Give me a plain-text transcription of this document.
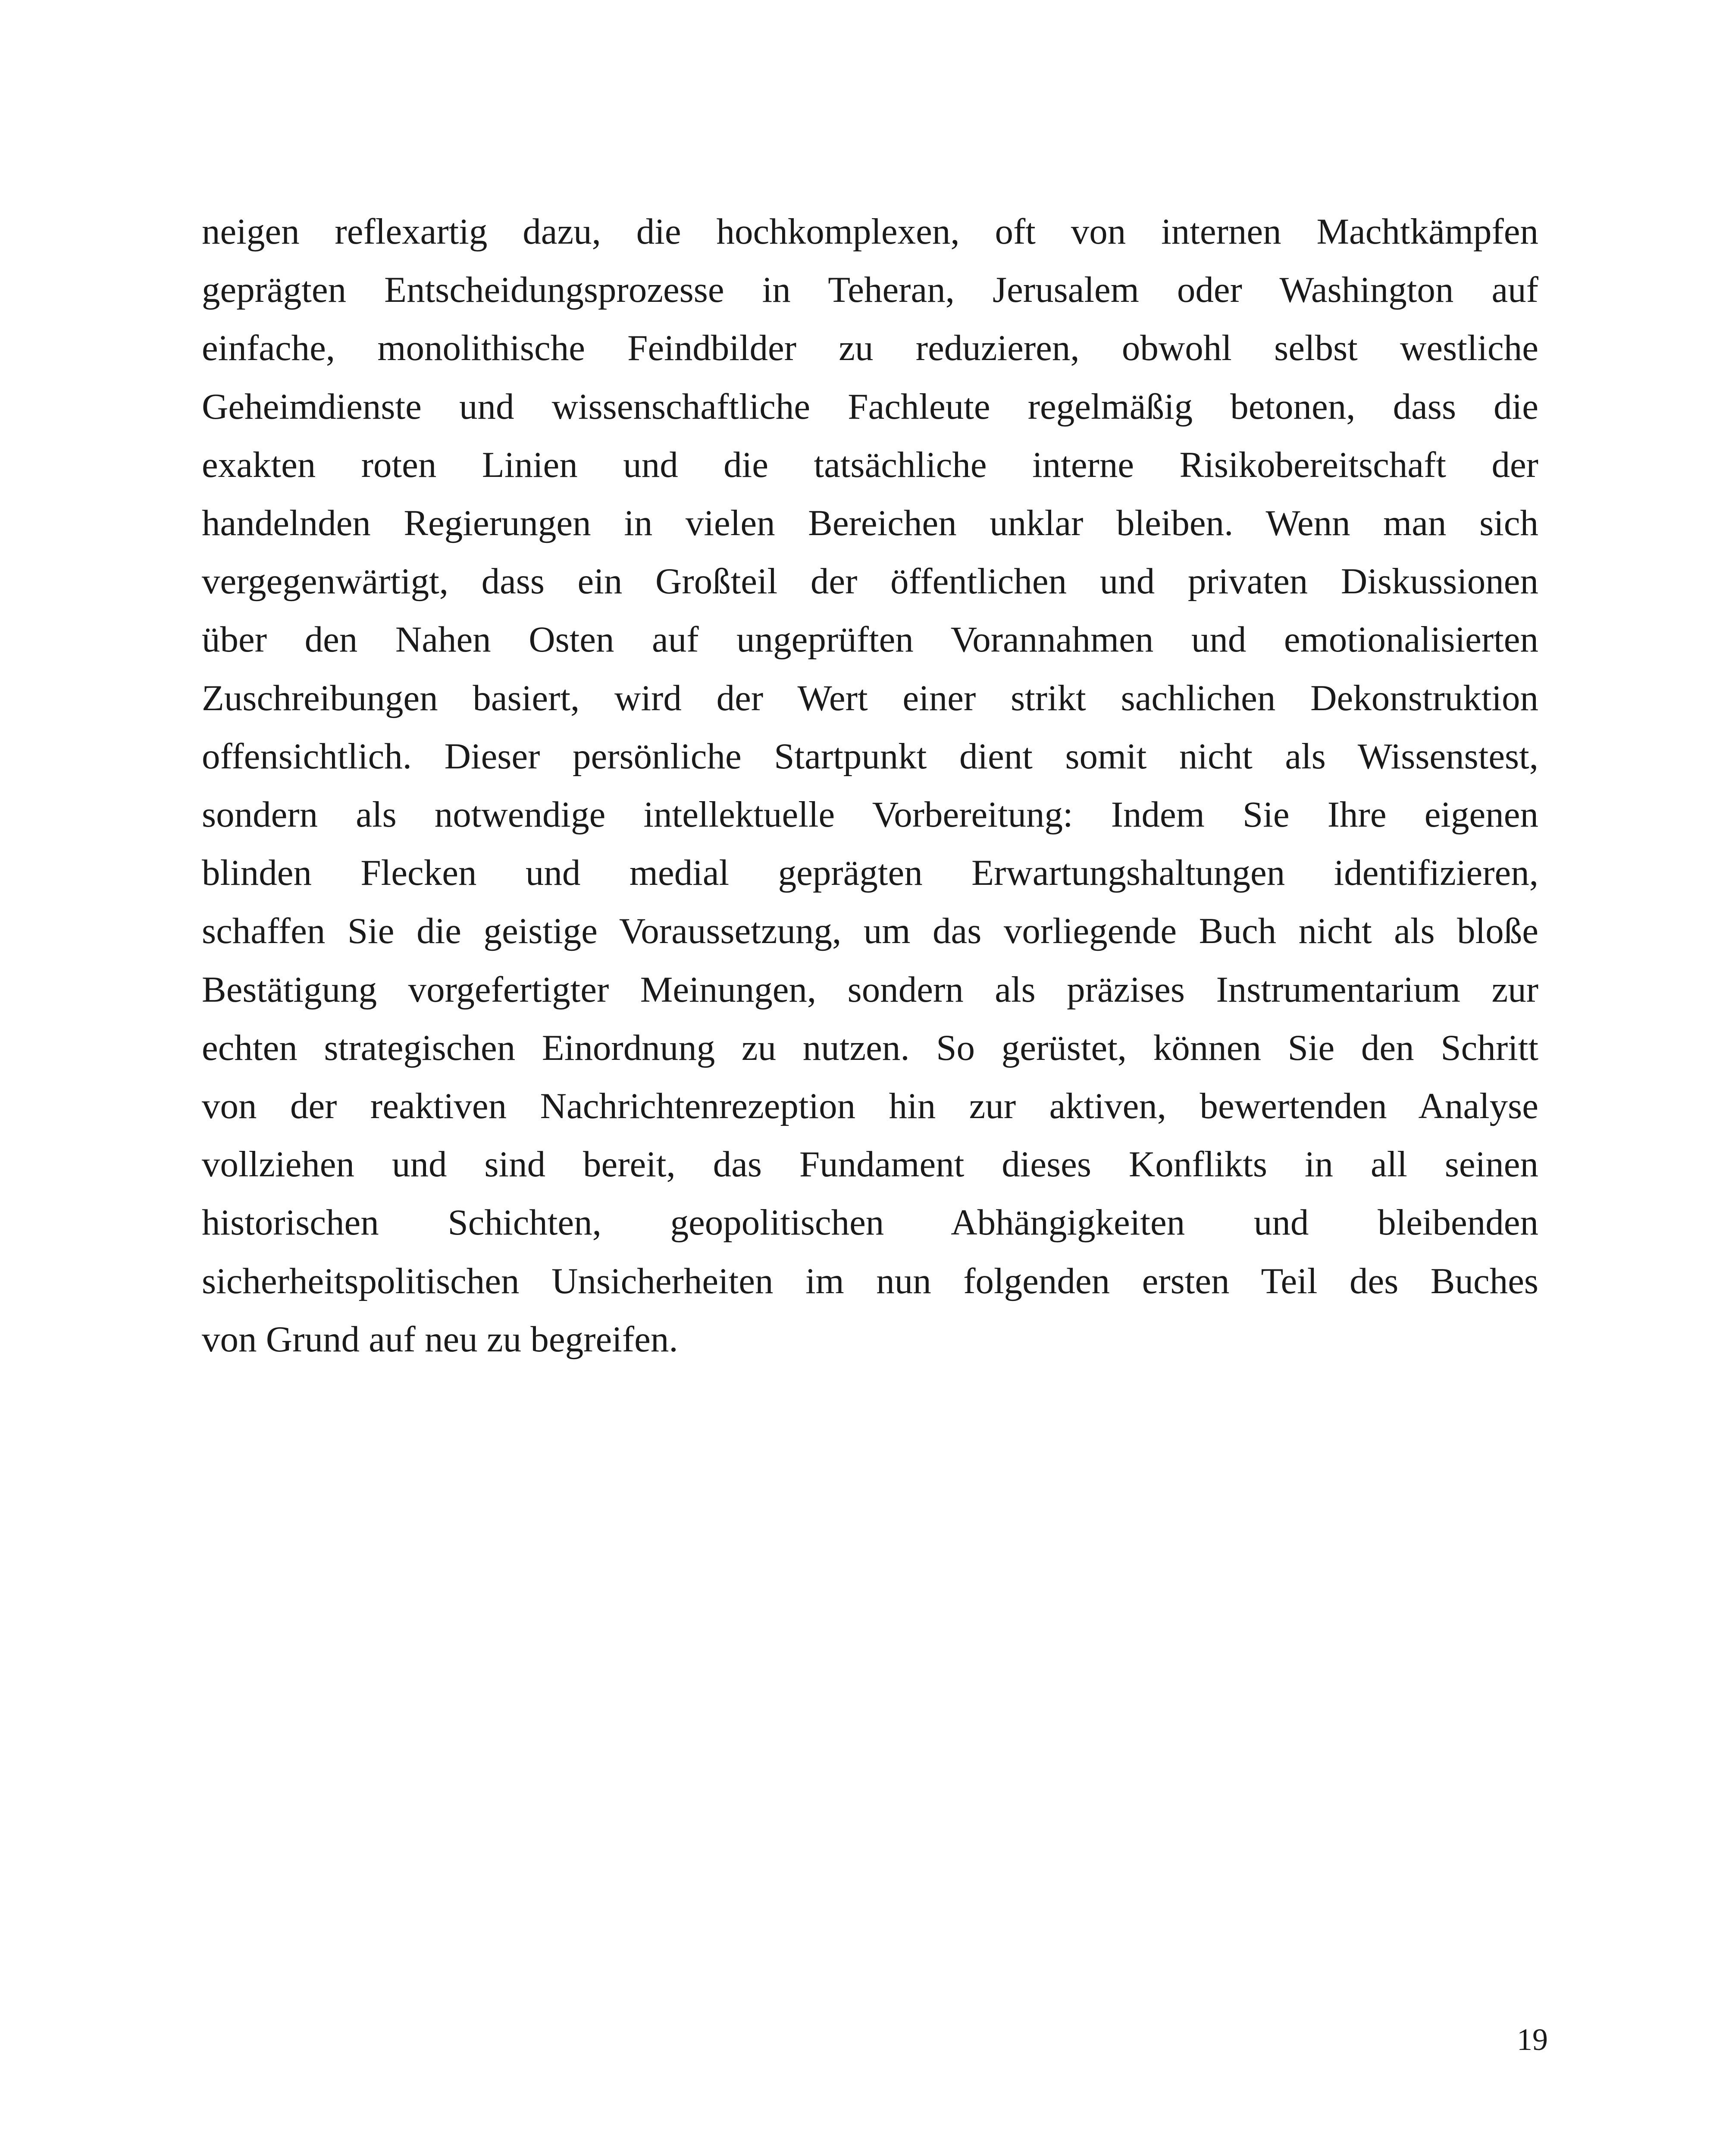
neigen reflexartig dazu, die hochkomplexen, oft von internen Machtkämpfen
geprägten Entscheidungsprozesse in Teheran, Jerusalem oder Washington auf
einfache, monolithische Feindbilder zu reduzieren, obwohl selbst westliche
Geheimdienste und wissenschaftliche Fachleute regelmäßig betonen, dass die
exakten roten Linien und die tatsächliche interne Risikobereitschaft der
handelnden Regierungen in vielen Bereichen unklar bleiben. Wenn man sich
vergegenwärtigt, dass ein Großteil der öffentlichen und privaten Diskussionen
über den Nahen Osten auf ungeprüften Vorannahmen und emotionalisierten
Zuschreibungen basiert, wird der Wert einer strikt sachlichen Dekonstruktion
offensichtlich. Dieser persönliche Startpunkt dient somit nicht als Wissenstest,
sondern als notwendige intellektuelle Vorbereitung: Indem Sie Ihre eigenen
blinden Flecken und medial geprägten Erwartungshaltungen identifizieren,
schaffen Sie die geistige Voraussetzung, um das vorliegende Buch nicht als bloße
Bestätigung vorgefertigter Meinungen, sondern als präzises Instrumentarium zur
echten strategischen Einordnung zu nutzen. So gerüstet, können Sie den Schritt
von der reaktiven Nachrichtenrezeption hin zur aktiven, bewertenden Analyse
vollziehen und sind bereit, das Fundament dieses Konflikts in all seinen
historischen Schichten, geopolitischen Abhängigkeiten und bleibenden
sicherheitspolitischen Unsicherheiten im nun folgenden ersten Teil des Buches
von Grund auf neu zu begreifen.

19
